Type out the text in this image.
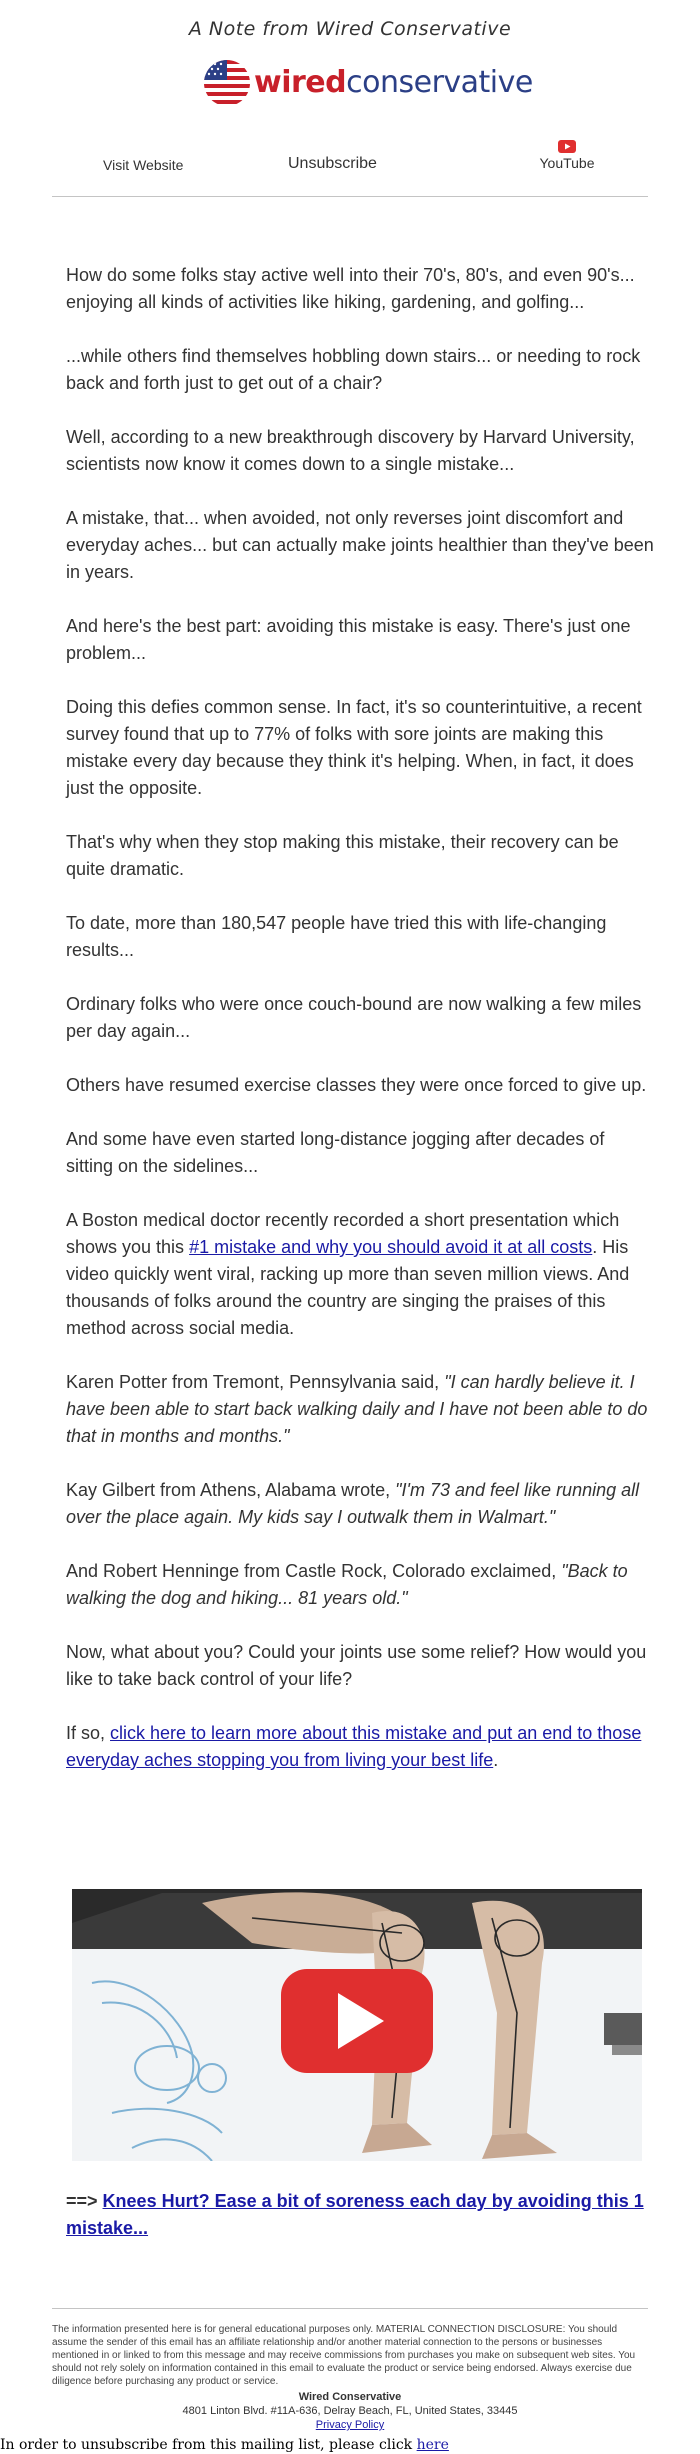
A Note from Wired Conservative
wiredconservative
Visit Website	Unsubscribe	YouTube

How do some folks stay active well into their 70's, 80's, and even 90's... enjoying all kinds of activities like hiking, gardening, and golfing...

...while others find themselves hobbling down stairs... or needing to rock back and forth just to get out of a chair?

Well, according to a new breakthrough discovery by Harvard University, scientists now know it comes down to a single mistake...

A mistake, that... when avoided, not only reverses joint discomfort and everyday aches... but can actually make joints healthier than they've been in years.

And here's the best part: avoiding this mistake is easy. There's just one problem...

Doing this defies common sense. In fact, it's so counterintuitive, a recent survey found that up to 77% of folks with sore joints are making this mistake every day because they think it's helping. When, in fact, it does just the opposite.

That's why when they stop making this mistake, their recovery can be quite dramatic.

To date, more than 180,547 people have tried this with life-changing results...

Ordinary folks who were once couch-bound are now walking a few miles per day again...

Others have resumed exercise classes they were once forced to give up.

And some have even started long-distance jogging after decades of sitting on the sidelines...

A Boston medical doctor recently recorded a short presentation which shows you this #1 mistake and why you should avoid it at all costs. His video quickly went viral, racking up more than seven million views. And thousands of folks around the country are singing the praises of this method across social media.

Karen Potter from Tremont, Pennsylvania said, "I can hardly believe it. I have been able to start back walking daily and I have not been able to do that in months and months."

Kay Gilbert from Athens, Alabama wrote, "I'm 73 and feel like running all over the place again. My kids say I outwalk them in Walmart."

And Robert Henninge from Castle Rock, Colorado exclaimed, "Back to walking the dog and hiking... 81 years old."

Now, what about you? Could your joints use some relief? How would you like to take back control of your life?

If so, click here to learn more about this mistake and put an end to those everyday aches stopping you from living your best life.

==> Knees Hurt? Ease a bit of soreness each day by avoiding this 1 mistake...
The information presented here is for general educational purposes only. MATERIAL CONNECTION DISCLOSURE: You should assume the sender of this email has an affiliate relationship and/or another material connection to the persons or businesses mentioned in or linked to from this message and may receive commissions from purchases you make on subsequent web sites. You should not rely solely on information contained in this email to evaluate the product or service being endorsed. Always exercise due diligence before purchasing any product or service.
Wired Conservative
4801 Linton Blvd. #11A-636, Delray Beach, FL, United States, 33445
Privacy Policy
In order to unsubscribe from this mailing list, please click here
